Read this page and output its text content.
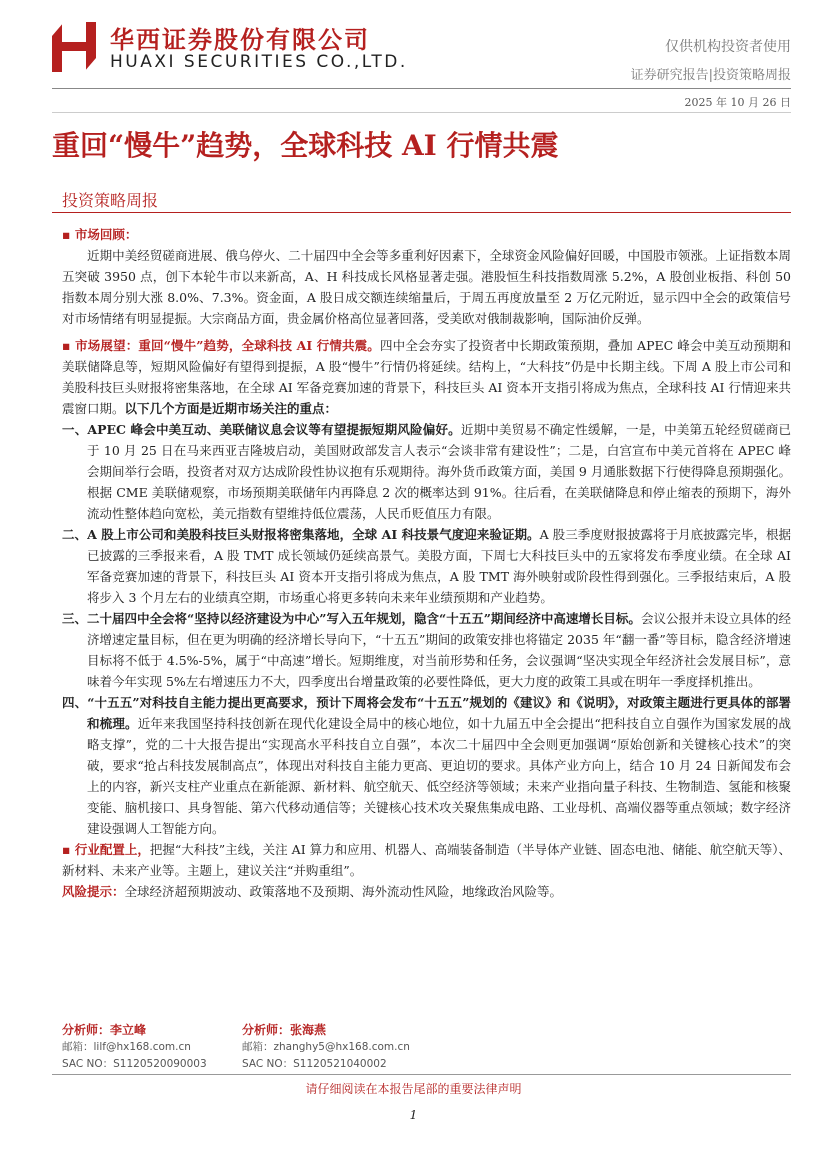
华西证券股份有限公司
HUAXI SECURITIES CO.,LTD.
仅供机构投资者使用
证券研究报告|投资策略周报
2025 年 10 月 26 日
重回“慢牛”趋势，全球科技 AI 行情共震
投资策略周报

▪ 市场回顾：

近期中美经贸磋商进展、俄乌停火、二十届四中全会等多重利好因素下，全球资金风险偏好回暖，中国股市领涨。上证指数本周五突破 3950 点，创下本轮牛市以来新高，A、H 科技成长风格显著走强。港股恒生科技指数周涨 5.2%，A 股创业板指、科创 50 指数本周分别大涨 8.0%、7.3%。资金面，A 股日成交额连续缩量后，于周五再度放量至 2 万亿元附近，显示四中全会的政策信号对市场情绪有明显提振。大宗商品方面，贵金属价格高位显著回落，受美欧对俄制裁影响，国际油价反弹。

▪ 市场展望：重回“慢牛”趋势，全球科技 AI 行情共震。四中全会夯实了投资者中长期政策预期，叠加 APEC 峰会中美互动预期和美联储降息等，短期风险偏好有望得到提振，A 股“慢牛”行情仍将延续。结构上，“大科技”仍是中长期主线。下周 A 股上市公司和美股科技巨头财报将密集落地，在全球 AI 军备竞赛加速的背景下，科技巨头 AI 资本开支指引将成为焦点，全球科技 AI 行情迎来共震窗口期。以下几个方面是近期市场关注的重点：

一、APEC 峰会中美互动、美联储议息会议等有望提振短期风险偏好。近期中美贸易不确定性缓解，一是，中美第五轮经贸磋商已于 10 月 25 日在马来西亚吉隆坡启动，美国财政部发言人表示“会谈非常有建设性”；二是，白宫宣布中美元首将在 APEC 峰会期间举行会晤，投资者对双方达成阶段性协议抱有乐观期待。海外货币政策方面，美国 9 月通胀数据下行使得降息预期强化。根据 CME 美联储观察，市场预期美联储年内再降息 2 次的概率达到 91%。往后看，在美联储降息和停止缩表的预期下，海外流动性整体趋向宽松，美元指数有望维持低位震荡，人民币贬值压力有限。

二、A 股上市公司和美股科技巨头财报将密集落地，全球 AI 科技景气度迎来验证期。A 股三季度财报披露将于月底披露完毕，根据已披露的三季报来看，A 股 TMT 成长领域仍延续高景气。美股方面，下周七大科技巨头中的五家将发布季度业绩。在全球 AI 军备竞赛加速的背景下，科技巨头 AI 资本开支指引将成为焦点，A 股 TMT 海外映射或阶段性得到强化。三季报结束后，A 股将步入 3 个月左右的业绩真空期，市场重心将更多转向未来年业绩预期和产业趋势。

三、二十届四中全会将“坚持以经济建设为中心”写入五年规划，隐含“十五五”期间经济中高速增长目标。会议公报并未设立具体的经济增速定量目标，但在更为明确的经济增长导向下，“十五五”期间的政策安排也将锚定 2035 年“翻一番”等目标，隐含经济增速目标将不低于 4.5%-5%，属于“中高速”增长。短期维度，对当前形势和任务，会议强调“坚决实现全年经济社会发展目标”，意味着今年实现 5%左右增速压力不大，四季度出台增量政策的必要性降低，更大力度的政策工具或在明年一季度择机推出。

四、“十五五”对科技自主能力提出更高要求，预计下周将会发布“十五五”规划的《建议》和《说明》，对政策主题进行更具体的部署和梳理。近年来我国坚持科技创新在现代化建设全局中的核心地位，如十九届五中全会提出“把科技自立自强作为国家发展的战略支撑”，党的二十大报告提出“实现高水平科技自立自强”，本次二十届四中全会则更加强调“原始创新和关键核心技术”的突破，要求“抢占科技发展制高点”，体现出对科技自主能力更高、更迫切的要求。具体产业方向上，结合 10 月 24 日新闻发布会上的内容，新兴支柱产业重点在新能源、新材料、航空航天、低空经济等领域；未来产业指向量子科技、生物制造、氢能和核聚变能、脑机接口、具身智能、第六代移动通信等；关键核心技术攻关聚焦集成电路、工业母机、高端仪器等重点领域；数字经济建设强调人工智能方向。

▪ 行业配置上，把握“大科技”主线，关注 AI 算力和应用、机器人、高端装备制造（半导体产业链、固态电池、储能、航空航天等）、新材料、未来产业等。主题上，建议关注“并购重组”。

风险提示：全球经济超预期波动、政策落地不及预期、海外流动性风险，地缘政治风险等。

分析师：李立峰
邮箱：lilf@hx168.com.cn
SAC NO：S1120520090003
分析师：张海燕
邮箱：zhanghy5@hx168.com.cn
SAC NO：S1120521040002
请仔细阅读在本报告尾部的重要法律声明
1
